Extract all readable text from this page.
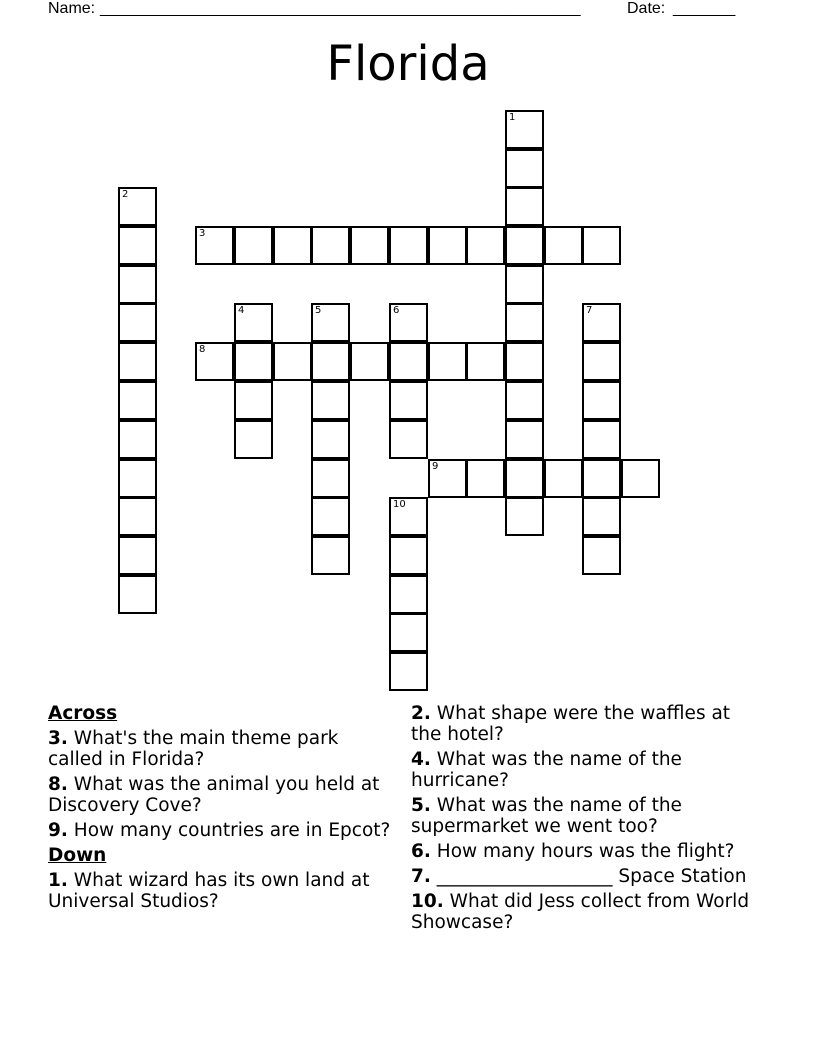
Name: ______________________________________________________	Date: _______
Florida
1
2
3
4	5	6	7
8
9
10
Across
3. What's the main theme park called in Florida?
8. What was the animal you held at Discovery Cove?
9. How many countries are in Epcot?
Down
1. What wizard has its own land at Universal Studios?
2. What shape were the waffles at the hotel?
4. What was the name of the hurricane?
5. What was the name of the supermarket we went too?
6. How many hours was the flight?
7. ___________________ Space Station
10. What did Jess collect from World Showcase?
